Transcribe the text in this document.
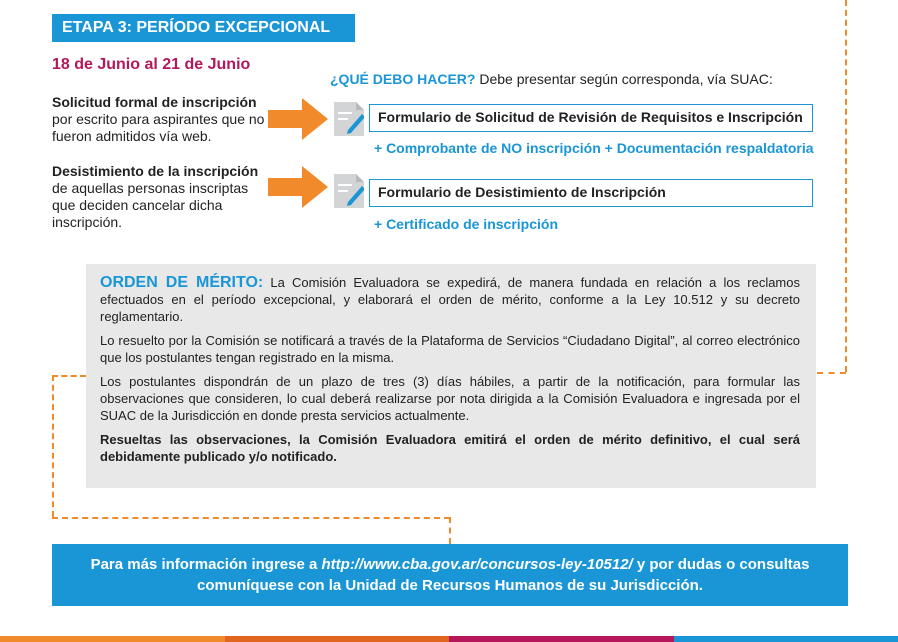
ETAPA 3: PERÍODO EXCEPCIONAL
18 de Junio al 21 de Junio
¿QUÉ DEBO HACER? Debe presentar según corresponda, vía SUAC:
Solicitud formal de inscripción
por escrito para aspirantes que no fueron admitidos vía web.
Formulario de Solicitud de Revisión de Requisitos e Inscripción
+ Comprobante de NO inscripción + Documentación respaldatoria
Desistimiento de la inscripción
de aquellas personas inscriptas que deciden cancelar dicha inscripción.
Formulario de Desistimiento de Inscripción
+ Certificado de inscripción

ORDEN DE MÉRITO: La Comisión Evaluadora se expedirá, de manera fundada en relación a los reclamos efectuados en el período excepcional, y elaborará el orden de mérito, conforme a la Ley 10.512 y su decreto reglamentario.

Lo resuelto por la Comisión se notificará a través de la Plataforma de Servicios “Ciudadano Digital”, al correo electrónico que los postulantes tengan registrado en la misma.

Los postulantes dispondrán de un plazo de tres (3) días hábiles, a partir de la notificación, para formular las observaciones que consideren, lo cual deberá realizarse por nota dirigida a la Comisión Evaluadora e ingresada por el SUAC de la Jurisdicción en donde presta servicios actualmente.

Resueltas las observaciones, la Comisión Evaluadora emitirá el orden de mérito definitivo, el cual será debidamente publicado y/o notificado.

Para más información ingrese a http://www.cba.gov.ar/concursos-ley-10512/ y por dudas o consultas comuníquese con la Unidad de Recursos Humanos de su Jurisdicción.
